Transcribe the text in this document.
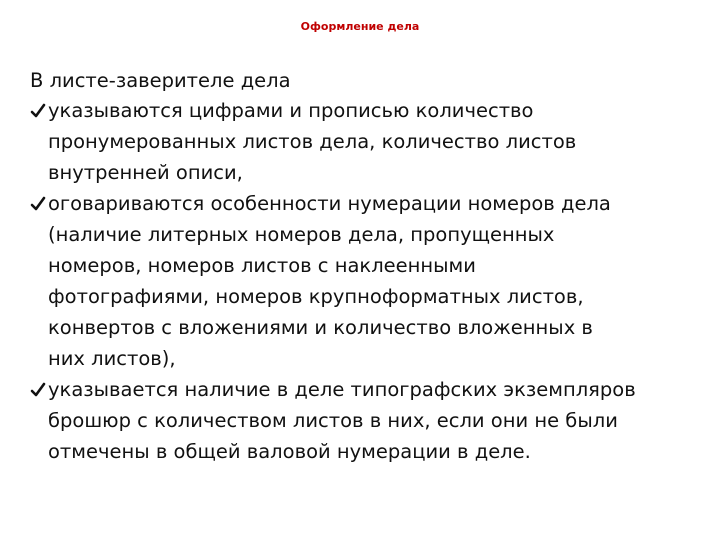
Оформление дела
В листе-заверителе дела
указываются цифрами и прописью количество
пронумерованных листов дела, количество листов
внутренней описи,
оговариваются особенности нумерации номеров дела
(наличие литерных номеров дела, пропущенных
номеров, номеров листов с наклеенными
фотографиями, номеров крупноформатных листов,
конвертов с вложениями и количество вложенных в
них листов),
указывается наличие в деле типографских экземпляров
брошюр с количеством листов в них, если они не были
отмечены в общей валовой нумерации в деле.
